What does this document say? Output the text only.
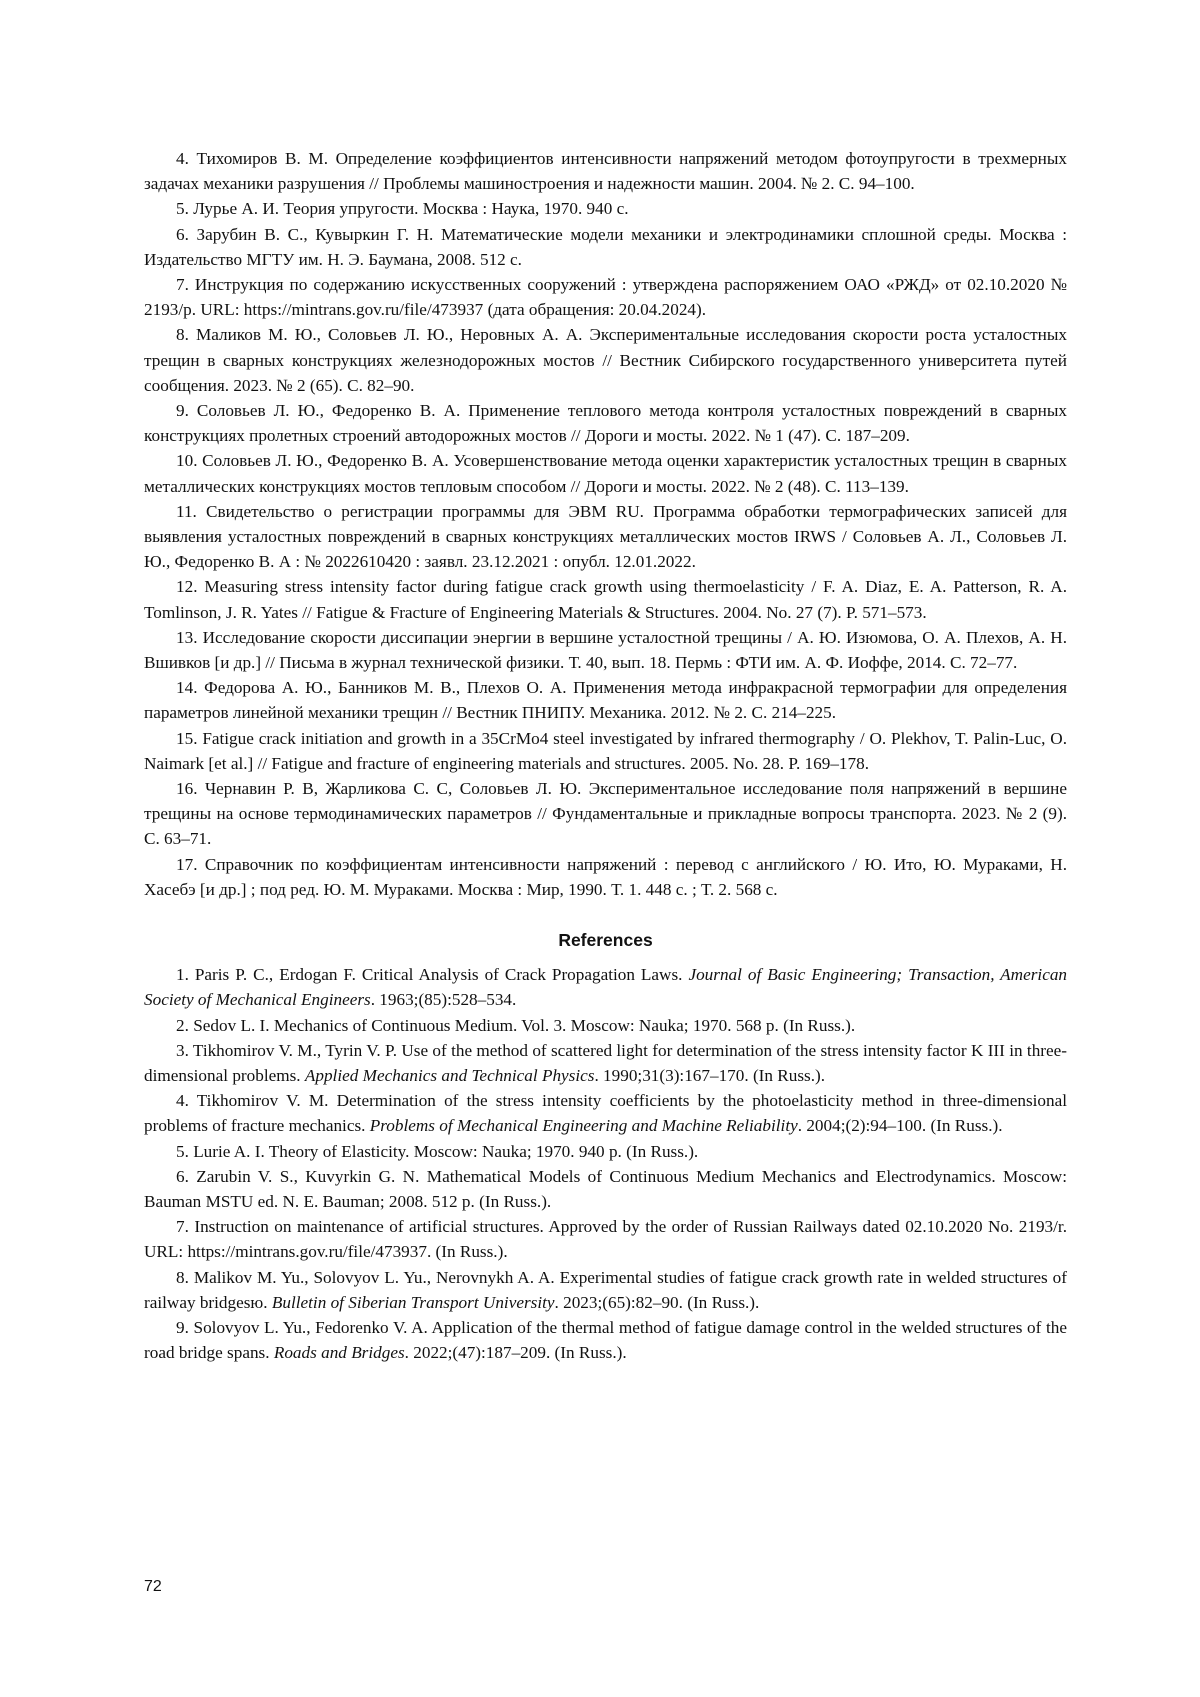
4. Тихомиров В. М. Определение коэффициентов интенсивности напряжений методом фотоупругости в трехмерных задачах механики разрушения // Проблемы машиностроения и надежности машин. 2004. № 2. С. 94–100.

5. Лурье А. И. Теория упругости. Москва : Наука, 1970. 940 с.

6. Зарубин В. С., Кувыркин Г. Н. Математические модели механики и электродинамики сплошной среды. Москва : Издательство МГТУ им. Н. Э. Баумана, 2008. 512 с.

7. Инструкция по содержанию искусственных сооружений : утверждена распоряжением ОАО «РЖД» от 02.10.2020 № 2193/р. URL: https://mintrans.gov.ru/file/473937 (дата обращения: 20.04.2024).

8. Маликов М. Ю., Соловьев Л. Ю., Неровных А. А. Экспериментальные исследования скорости роста усталостных трещин в сварных конструкциях железнодорожных мостов // Вестник Сибирского государственного университета путей сообщения. 2023. № 2 (65). С. 82–90.

9. Соловьев Л. Ю., Федоренко В. А. Применение теплового метода контроля усталостных повреждений в сварных конструкциях пролетных строений автодорожных мостов // Дороги и мосты. 2022. № 1 (47). С. 187–209.

10. Соловьев Л. Ю., Федоренко В. А. Усовершенствование метода оценки характеристик усталостных трещин в сварных металлических конструкциях мостов тепловым способом // Дороги и мосты. 2022. № 2 (48). С. 113–139.

11. Свидетельство о регистрации программы для ЭВМ RU. Программа обработки термографических записей для выявления усталостных повреждений в сварных конструкциях металлических мостов IRWS / Соловьев А. Л., Соловьев Л. Ю., Федоренко В. А : № 2022610420 : заявл. 23.12.2021 : опубл. 12.01.2022.

12. Measuring stress intensity factor during fatigue crack growth using thermoelasticity / F. A. Diaz, E. A. Patterson, R. A. Tomlinson, J. R. Yates // Fatigue & Fracture of Engineering Materials & Structures. 2004. No. 27 (7). P. 571–573.

13. Исследование скорости диссипации энергии в вершине усталостной трещины / А. Ю. Изюмова, О. А. Плехов, А. Н. Вшивков [и др.] // Письма в журнал технической физики. Т. 40, вып. 18. Пермь : ФТИ им. А. Ф. Иоффе, 2014. С. 72–77.

14. Федорова А. Ю., Банников М. В., Плехов О. А. Применения метода инфракрасной термографии для определения параметров линейной механики трещин // Вестник ПНИПУ. Механика. 2012. № 2. С. 214–225.

15. Fatigue crack initiation and growth in a 35CrMo4 steel investigated by infrared thermography / O. Plekhov, T. Palin-Luc, O. Naimark [et al.] // Fatigue and fracture of engineering materials and structures. 2005. No. 28. P. 169–178.

16. Чернавин Р. В, Жарликова С. С, Соловьев Л. Ю. Экспериментальное исследование поля напряжений в вершине трещины на основе термодинамических параметров // Фундаментальные и прикладные вопросы транспорта. 2023. № 2 (9). С. 63–71.

17. Справочник по коэффициентам интенсивности напряжений : перевод с английского / Ю. Ито, Ю. Мураками, Н. Хасебэ [и др.] ; под ред. Ю. М. Мураками. Москва : Мир, 1990. Т. 1. 448 с. ; Т. 2. 568 с.

References

1. Paris P. C., Erdogan F. Critical Analysis of Crack Propagation Laws. Journal of Basic Engineering; Transaction, American Society of Mechanical Engineers. 1963;(85):528–534.

2. Sedov L. I. Mechanics of Continuous Medium. Vol. 3. Moscow: Nauka; 1970. 568 p. (In Russ.).

3. Tikhomirov V. M., Tyrin V. P. Use of the method of scattered light for determination of the stress intensity factor K III in three-dimensional problems. Applied Mechanics and Technical Physics. 1990;31(3):167–170. (In Russ.).

4. Tikhomirov V. M. Determination of the stress intensity coefficients by the photoelasticity method in three-dimensional problems of fracture mechanics. Problems of Mechanical Engineering and Machine Reliability. 2004;(2):94–100. (In Russ.).

5. Lurie A. I. Theory of Elasticity. Moscow: Nauka; 1970. 940 p. (In Russ.).

6. Zarubin V. S., Kuvyrkin G. N. Mathematical Models of Continuous Medium Mechanics and Electrodynamics. Moscow: Bauman MSTU ed. N. E. Bauman; 2008. 512 p. (In Russ.).

7. Instruction on maintenance of artificial structures. Approved by the order of Russian Railways dated 02.10.2020 No. 2193/r. URL: https://mintrans.gov.ru/file/473937. (In Russ.).

8. Malikov M. Yu., Solovyov L. Yu., Nerovnykh A. A. Experimental studies of fatigue crack growth rate in welded structures of railway bridgesю. Bulletin of Siberian Transport University. 2023;(65):82–90. (In Russ.).

9. Solovyov L. Yu., Fedorenko V. A. Application of the thermal method of fatigue damage control in the welded structures of the road bridge spans. Roads and Bridges. 2022;(47):187–209. (In Russ.).

72
